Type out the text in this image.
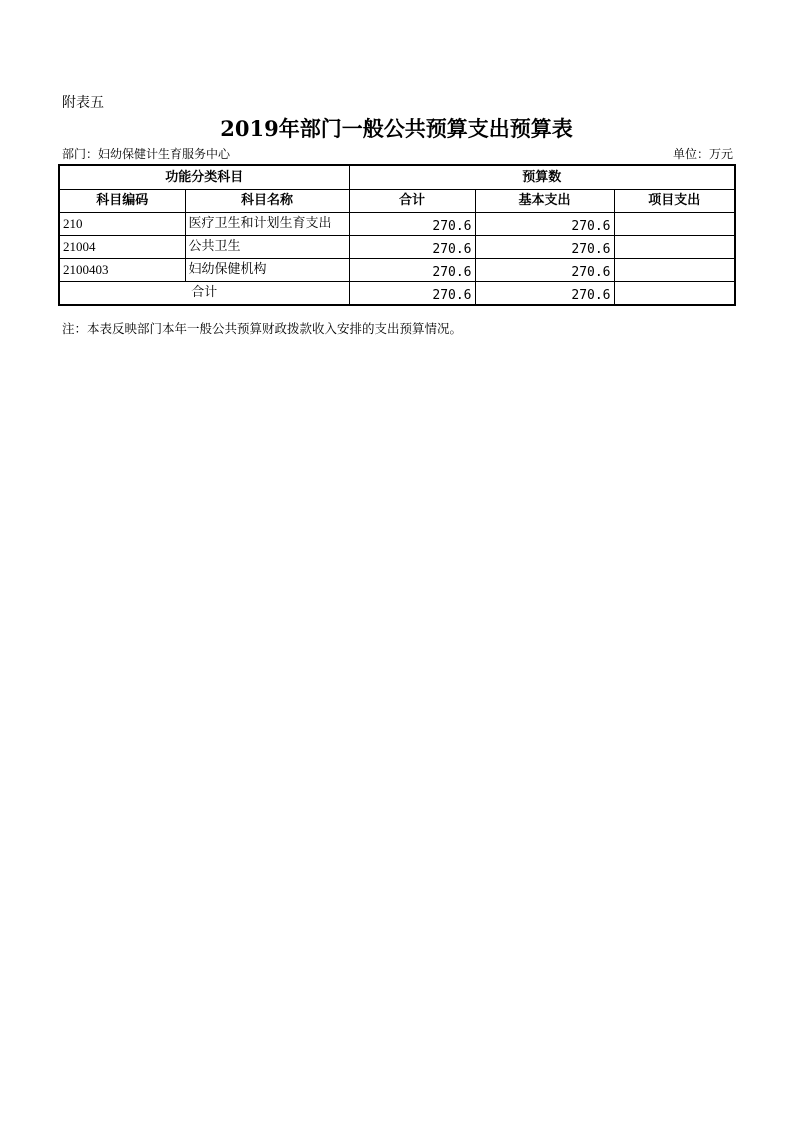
附表五
2019年部门一般公共预算支出预算表
部门：妇幼保健计生育服务中心	单位：万元
功能分类科目		预算数		
科目编码	科目名称	合计	基本支出	项目支出
210	医疗卫生和计划生育支出	270.6	270.6	
21004	公共卫生	270.6	270.6	
2100403	妇幼保健机构	270.6	270.6	
合计		270.6	270.6	
注：本表反映部门本年一般公共预算财政拨款收入安排的支出预算情况。
